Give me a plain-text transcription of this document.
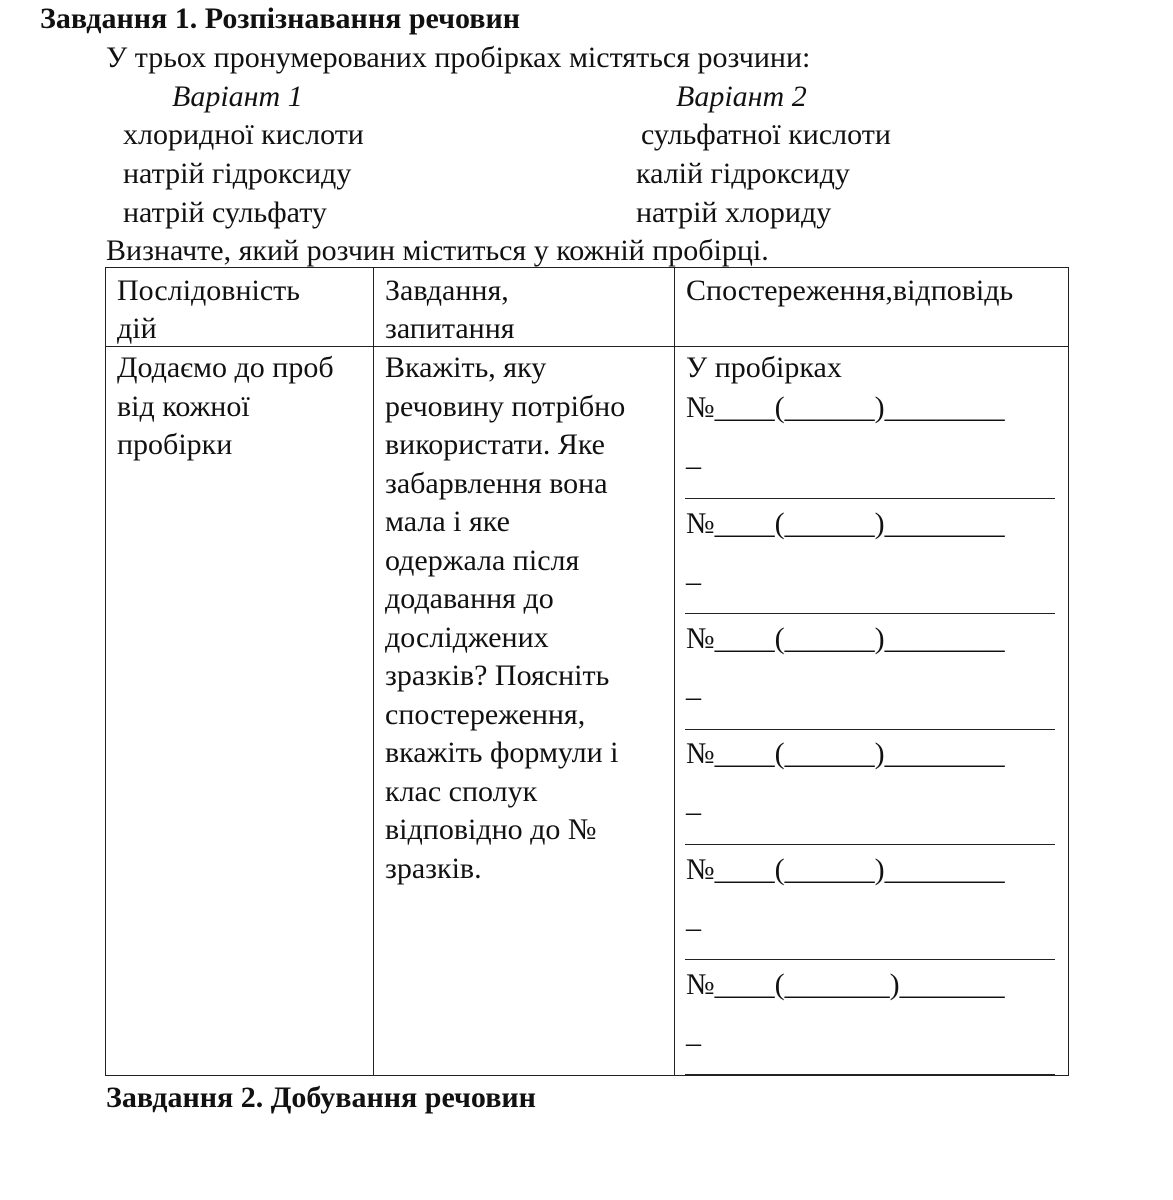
Завдання 1. Розпізнавання речовин
У трьох пронумерованих пробірках містяться розчини:
Варіант 1	Варіант 2
хлоридної кислоти
натрій гідроксиду
натрій сульфату
сульфатної кислоти
калій гідроксиду
натрій хлориду
Визначте, який розчин міститься у кожній пробірці.
Послідовність
дій
Завдання,
запитання
Спостереження,відповідь
Додаємо до проб
від кожної
пробірки
Вкажіть, яку
речовину потрібно
використати. Яке
забарвлення вона
мала і яке
одержала після
додавання до
досліджених
зразків? Поясніть
спостереження,
вкажіть формули і
клас сполук
відповідно до №
зразків.
У пробірках
№____(______)________
_
№____(______)________
_
№____(______)________
_
№____(______)________
_
№____(______)________
_
№____(_______)_______
_
Завдання 2. Добування речовин
